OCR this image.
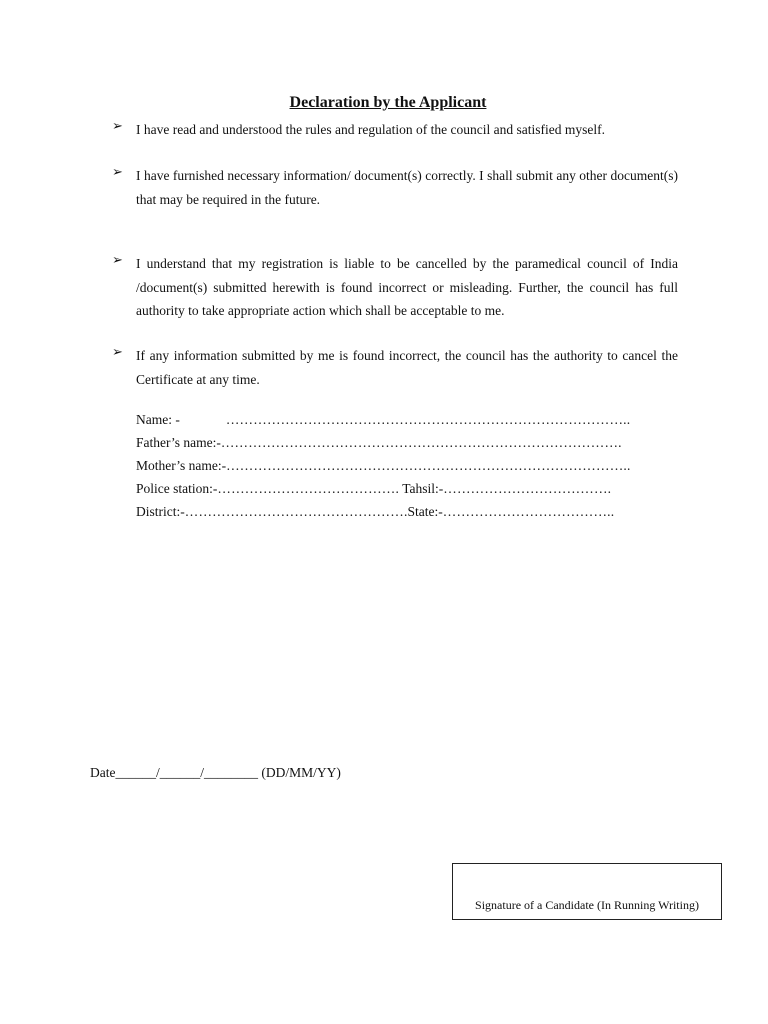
Declaration by the Applicant
➢ I have read and understood the rules and regulation of the council and satisfied myself.
➢ I have furnished necessary information/ document(s) correctly. I shall submit any other document(s) that may be required in the future.
➢ I understand that my registration is liable to be cancelled by the paramedical council of India /document(s) submitted herewith is found incorrect or misleading. Further, the council has full authority to take appropriate action which shall be acceptable to me.
➢ If any information submitted by me is found incorrect, the council has the authority to cancel the Certificate at any time.
Name: -	……………………………………………………………………………..
Father’s name:-…………………………………………………………………………….
Mother’s name:-……………………………………………………………………………..
Police station:-…………………………………. Tahsil:-……………………………….
District:-………………………………………….State:-………………………………..
Date______/______/________ (DD/MM/YY)
Signature of a Candidate (In Running Writing)
